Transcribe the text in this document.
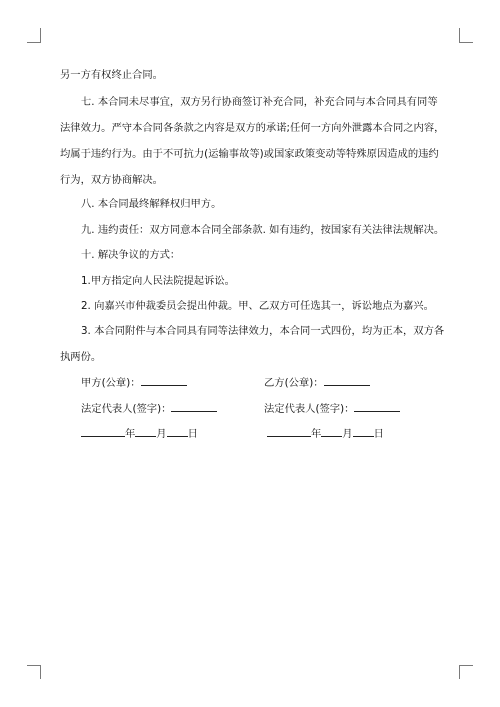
另一方有权终止合同。
七. 本合同未尽事宜，双方另行协商签订补充合同，补充合同与本合同具有同等
法律效力。严守本合同各条款之内容是双方的承诺;任何一方向外泄露本合同之内容，
均属于违约行为。由于不可抗力(运输事故等)或国家政策变动等特殊原因造成的违约
行为，双方协商解决。
八. 本合同最终解释权归甲方。
九. 违约责任：双方同意本合同全部条款. 如有违约，按国家有关法律法规解决。
十. 解决争议的方式：
1.甲方指定向人民法院提起诉讼。
2. 向嘉兴市仲裁委员会提出仲裁。甲、乙双方可任选其一，诉讼地点为嘉兴。
3. 本合同附件与本合同具有同等法律效力，本合同一式四份，均为正本，双方各
执两份。
甲方(公章)：	乙方(公章)：
法定代表人(签字)：	法定代表人(签字)：
年 月 日	年 月 日
